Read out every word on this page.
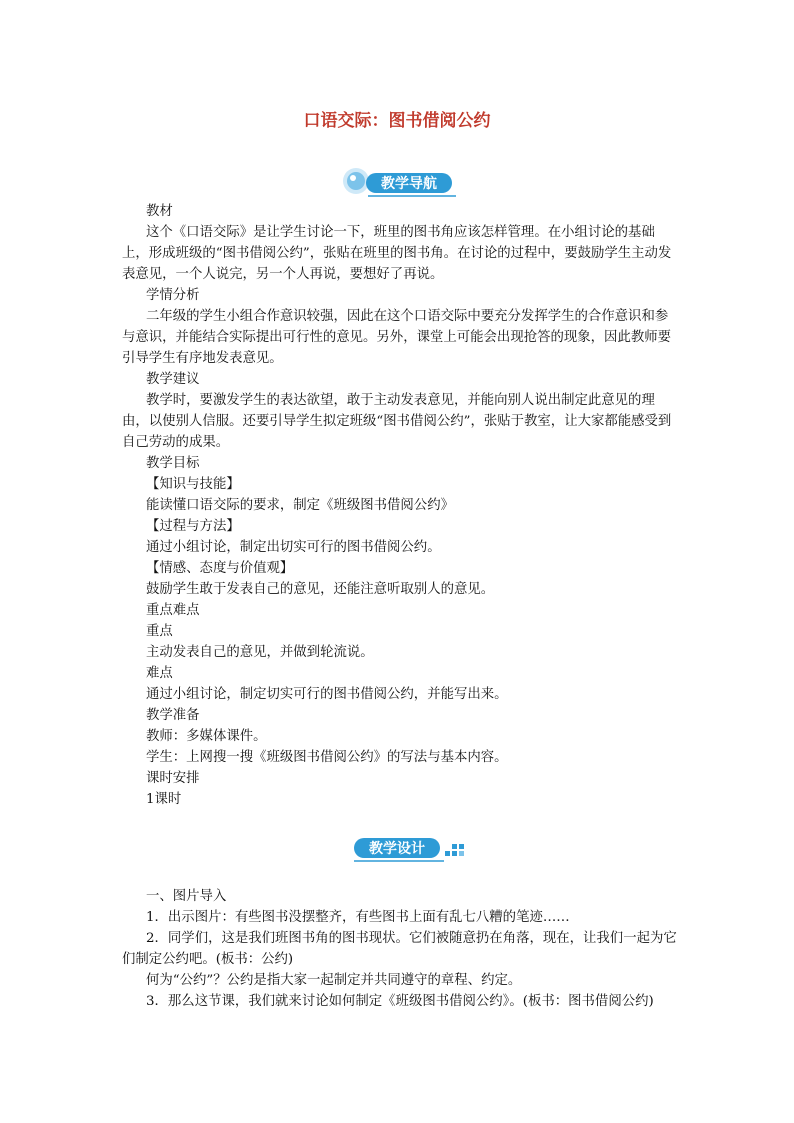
口语交际：图书借阅公约
教学导航

教材

这个《口语交际》是让学生讨论一下，班里的图书角应该怎样管理。在小组讨论的基础上，形成班级的“图书借阅公约”，张贴在班里的图书角。在讨论的过程中，要鼓励学生主动发表意见，一个人说完，另一个人再说，要想好了再说。

学情分析

二年级的学生小组合作意识较强，因此在这个口语交际中要充分发挥学生的合作意识和参与意识，并能结合实际提出可行性的意见。另外，课堂上可能会出现抢答的现象，因此教师要引导学生有序地发表意见。

教学建议

教学时，要激发学生的表达欲望，敢于主动发表意见，并能向别人说出制定此意见的理由，以使别人信服。还要引导学生拟定班级“图书借阅公约”，张贴于教室，让大家都能感受到自己劳动的成果。

教学目标

【知识与技能】

能读懂口语交际的要求，制定《班级图书借阅公约》

【过程与方法】

通过小组讨论，制定出切实可行的图书借阅公约。

【情感、态度与价值观】

鼓励学生敢于发表自己的意见，还能注意听取别人的意见。

重点难点

重点

主动发表自己的意见，并做到轮流说。

难点

通过小组讨论，制定切实可行的图书借阅公约，并能写出来。

教学准备

教师：多媒体课件。

学生：上网搜一搜《班级图书借阅公约》的写法与基本内容。

课时安排

1课时

教学设计

一、图片导入

1．出示图片：有些图书没摆整齐，有些图书上面有乱七八糟的笔迹……

2．同学们，这是我们班图书角的图书现状。它们被随意扔在角落，现在，让我们一起为它们制定公约吧。(板书：公约)

何为“公约”？公约是指大家一起制定并共同遵守的章程、约定。

3．那么这节课，我们就来讨论如何制定《班级图书借阅公约》。(板书：图书借阅公约)
